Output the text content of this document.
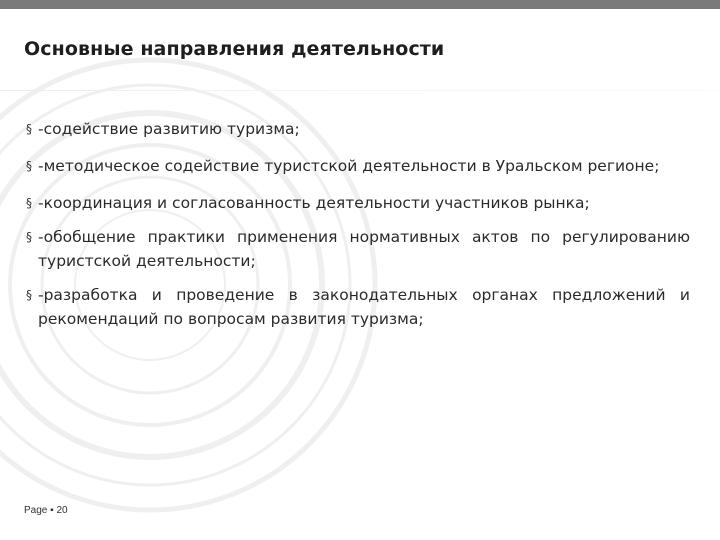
Основные направления деятельности
§ -содействие развитию туризма;
§ -методическое содействие туристской деятельности в Уральском регионе;
§ -координация и согласованность деятельности участников рынка;
§ -обобщение практики применения нормативных актов по регулированию туристской деятельности;
§ -разработка и проведение в законодательных органах предложений и рекомендаций по вопросам развития туризма;
Page ▪ 20
